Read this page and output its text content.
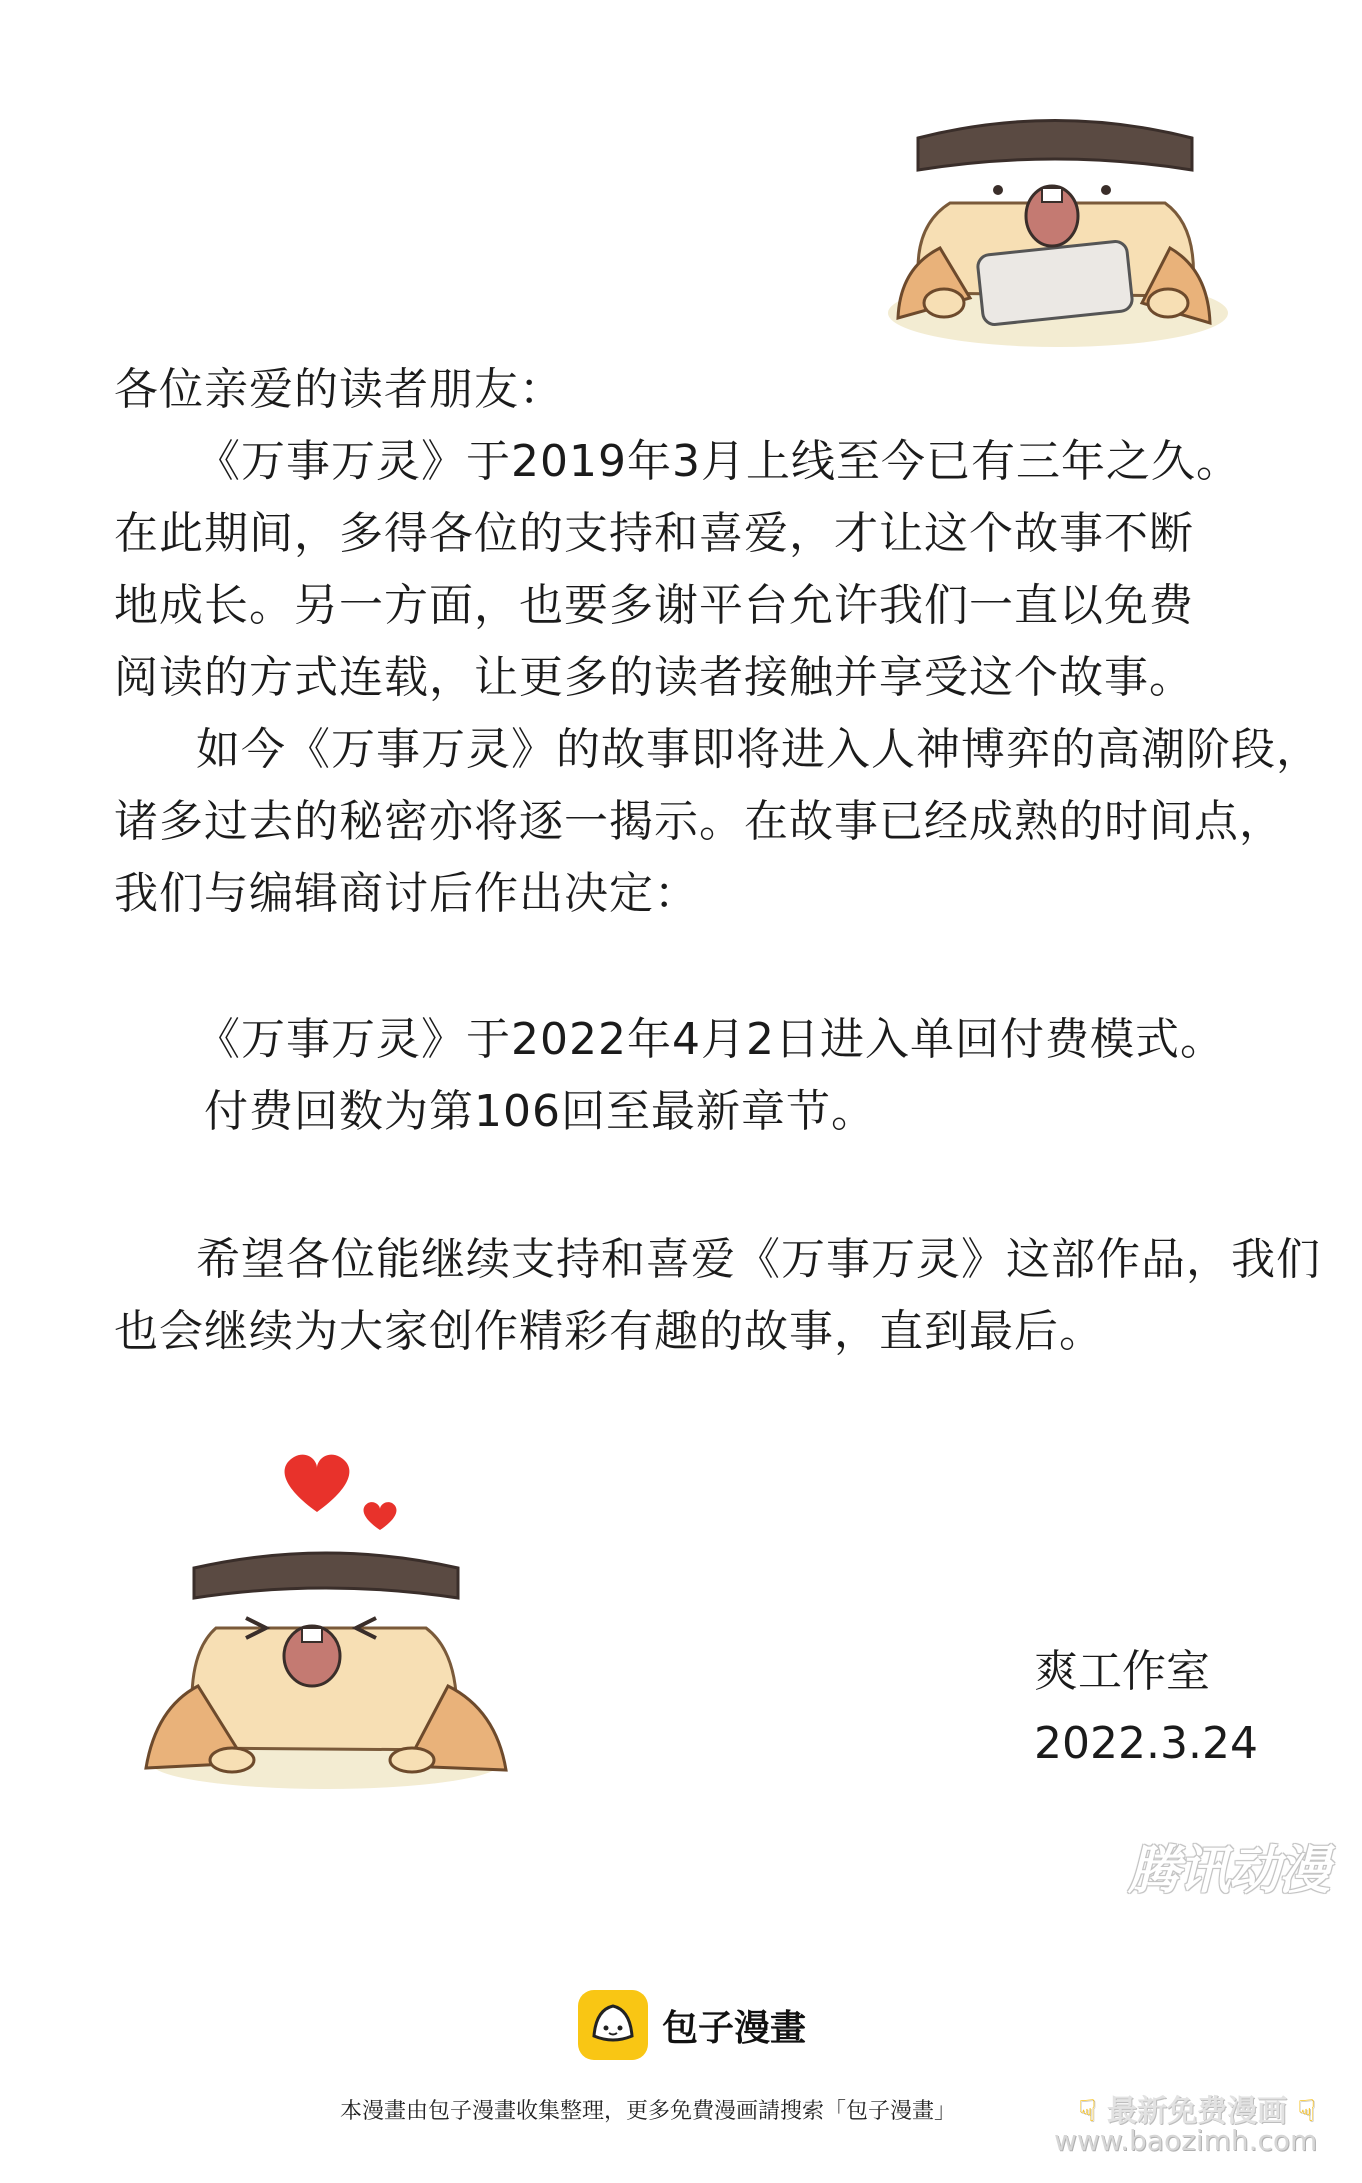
各位亲爱的读者朋友：
《万事万灵》于2019年3月上线至今已有三年之久。
在此期间，多得各位的支持和喜爱，才让这个故事不断
地成长。另一方面，也要多谢平台允许我们一直以免费
阅读的方式连载，让更多的读者接触并享受这个故事。
如今《万事万灵》的故事即将进入人神博弈的高潮阶段，
诸多过去的秘密亦将逐一揭示。在故事已经成熟的时间点，
我们与编辑商讨后作出决定：
《万事万灵》于2022年4月2日进入单回付费模式。
付费回数为第106回至最新章节。
希望各位能继续支持和喜爱《万事万灵》这部作品，我们
也会继续为大家创作精彩有趣的故事，直到最后。
爽工作室
2022.3.24
腾讯动漫
包子漫畫
本漫畫由包子漫畫收集整理，更多免費漫画請搜索「包子漫畫」	☟ 最新免费漫画 ☟
www.baozimh.com
